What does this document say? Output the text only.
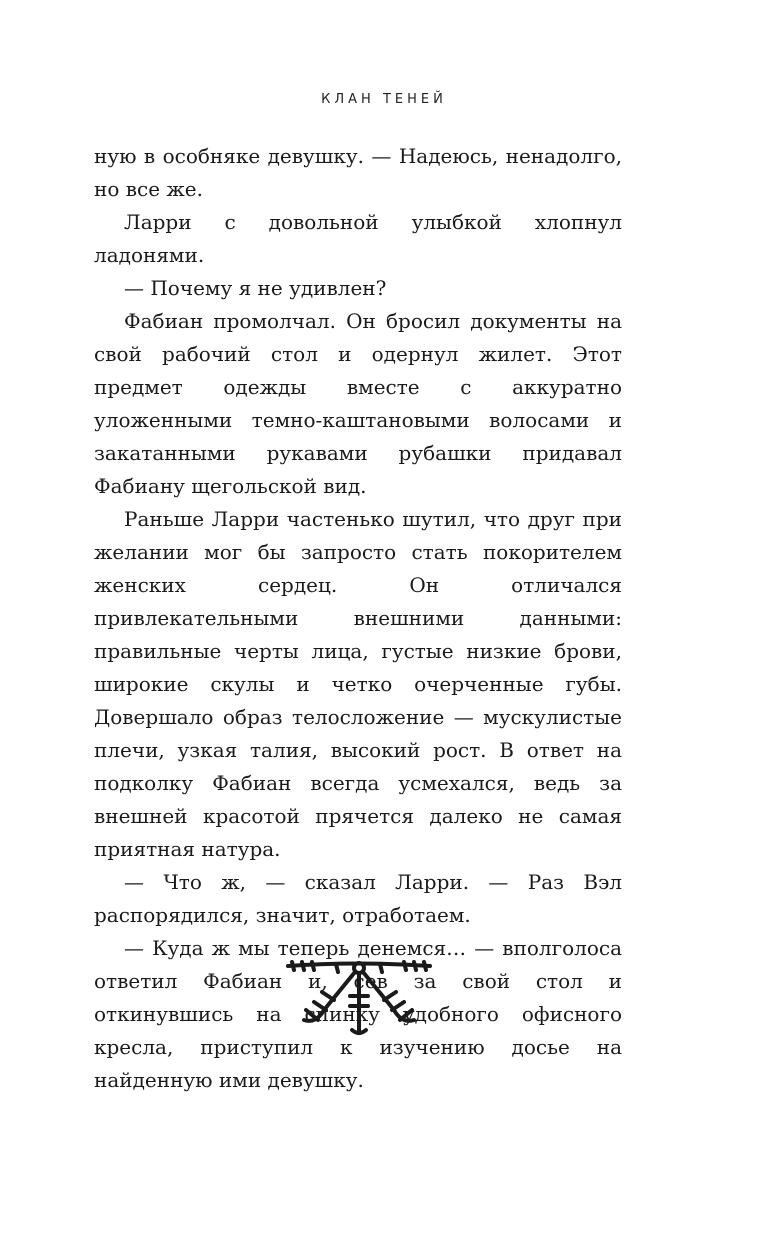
КЛАН ТЕНЕЙ

ную в особняке девушку. — Надеюсь, ненадолго, но все же.

Ларри с довольной улыбкой хлопнул ладонями.

— Почему я не удивлен?

Фабиан промолчал. Он бросил документы на свой рабочий стол и одернул жилет. Этот предмет одежды вместе с аккуратно уложенными темно-каштановыми волосами и закатанными рукавами рубашки придавал Фабиану щегольской вид.

Раньше Ларри частенько шутил, что друг при желании мог бы запросто стать покорителем женских сердец. Он отличался привлекательными внешними данными: правильные черты лица, густые низкие брови, широкие скулы и четко очерченные губы. Довершало образ телосложение — мускулистые плечи, узкая талия, высокий рост. В ответ на подколку Фабиан всегда усмехался, ведь за внешней красотой прячется далеко не самая приятная натура.

— Что ж, — сказал Ларри. — Раз Вэл распорядился, значит, отработаем.

— Куда ж мы теперь денемся… — вполголоса ответил Фабиан и, сев за свой стол и откинувшись на спинку удобного офисного кресла, приступил к изучению досье на найденную ими девушку.
